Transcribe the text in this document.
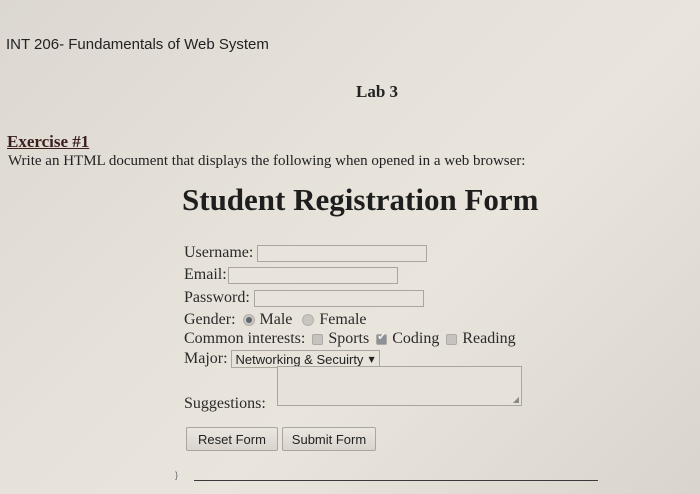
INT 206- Fundamentals of Web System
Lab 3
Exercise #1
Write an HTML document that displays the following when opened in a web browser:
Student Registration Form
Username:
Email:
Password:
Gender: Male Female
Common interests: Sports
✔ Coding Reading
Major: Networking & Secuirty ▼
Suggestions:	◢
Reset Form	Submit Form
}
